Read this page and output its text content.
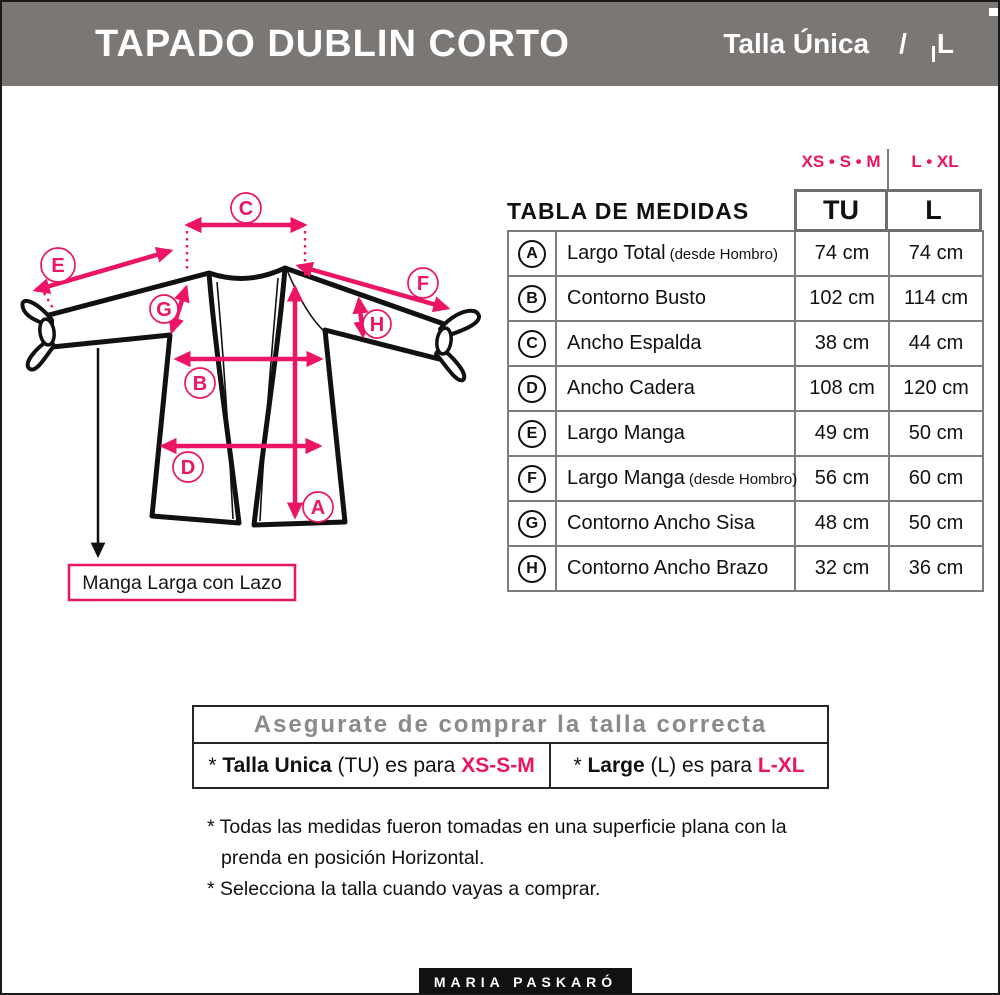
TAPADO DUBLIN CORTO	Talla Única / L
C
E
F
G
H
B
D
A
Manga Larga con Lazo
TABLA DE MEDIDAS
XS • S • M	L • XL
TU	L
A	Largo Total (desde Hombro)	74 cm	74 cm
B	Contorno Busto	102 cm	114 cm
C	Ancho Espalda	38 cm	44 cm
D	Ancho Cadera	108 cm	120 cm
E	Largo Manga	49 cm	50 cm
F	Largo Manga (desde Hombro)	56 cm	60 cm
G	Contorno Ancho Sisa	48 cm	50 cm
H	Contorno Ancho Brazo	32 cm	36 cm
Asegurate de comprar la talla correcta
* Talla Unica (TU) es para XS-S-M * Large (L) es para L-XL
* Todas las medidas fueron tomadas en una superficie plana con la
prenda en posición Horizontal.
* Selecciona la talla cuando vayas a comprar.
MARIA PASKARÓ
